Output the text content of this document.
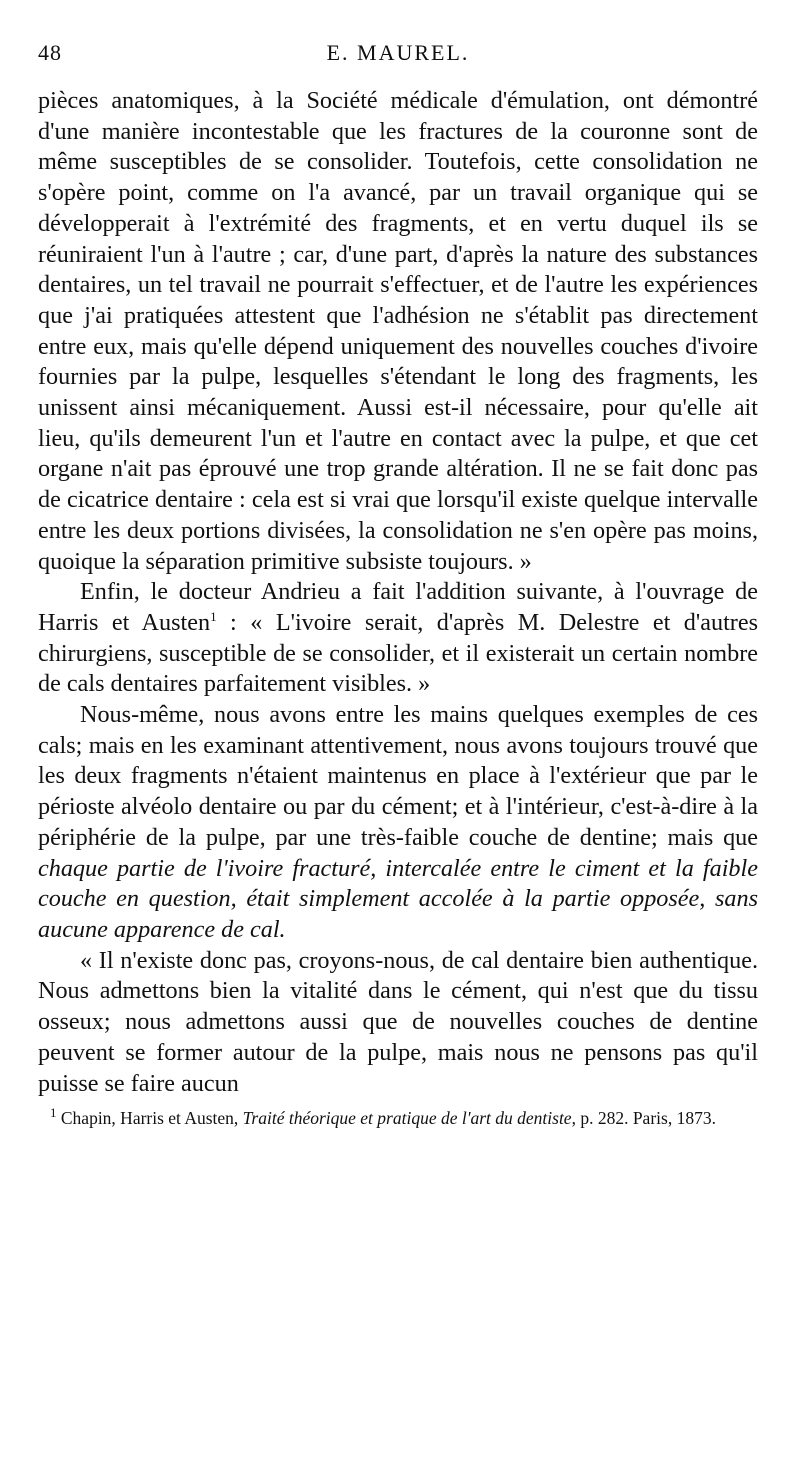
48	E. MAUREL.

pièces anatomiques, à la Société médicale d'émulation, ont démontré d'une manière incontestable que les fractures de la couronne sont de même susceptibles de se consolider. Toutefois, cette consolidation ne s'opère point, comme on l'a avancé, par un travail organique qui se développerait à l'extrémité des fragments, et en vertu duquel ils se réuniraient l'un à l'autre ; car, d'une part, d'après la nature des substances dentaires, un tel travail ne pourrait s'effectuer, et de l'autre les expériences que j'ai pratiquées attestent que l'adhésion ne s'établit pas directement entre eux, mais qu'elle dépend uniquement des nouvelles couches d'ivoire fournies par la pulpe, lesquelles s'étendant le long des fragments, les unissent ainsi mécaniquement. Aussi est-il nécessaire, pour qu'elle ait lieu, qu'ils demeurent l'un et l'autre en contact avec la pulpe, et que cet organe n'ait pas éprouvé une trop grande altération. Il ne se fait donc pas de cicatrice dentaire : cela est si vrai que lorsqu'il existe quelque intervalle entre les deux portions divisées, la consolidation ne s'en opère pas moins, quoique la séparation primitive subsiste toujours. »

Enfin, le docteur Andrieu a fait l'addition suivante, à l'ouvrage de Harris et Austen$^1$ : « L'ivoire serait, d'après M. Delestre et d'autres chirurgiens, susceptible de se consolider, et il existerait un certain nombre de cals dentaires parfaitement visibles. »

Nous-même, nous avons entre les mains quelques exemples de ces cals; mais en les examinant attentivement, nous avons toujours trouvé que les deux fragments n'étaient maintenus en place à l'extérieur que par le périoste alvéolo dentaire ou par du cément; et à l'intérieur, c'est-à-dire à la périphérie de la pulpe, par une très-faible couche de dentine; mais que chaque partie de l'ivoire fracturé, intercalée entre le ciment et la faible couche en question, était simplement accolée à la partie opposée, sans aucune apparence de cal.

« Il n'existe donc pas, croyons-nous, de cal dentaire bien authentique. Nous admettons bien la vitalité dans le cément, qui n'est que du tissu osseux; nous admettons aussi que de nouvelles couches de dentine peuvent se former autour de la pulpe, mais nous ne pensons pas qu'il puisse se faire aucun

$^1$ Chapin, Harris et Austen, Traité théorique et pratique de l'art du dentiste, p. 282. Paris, 1873.
